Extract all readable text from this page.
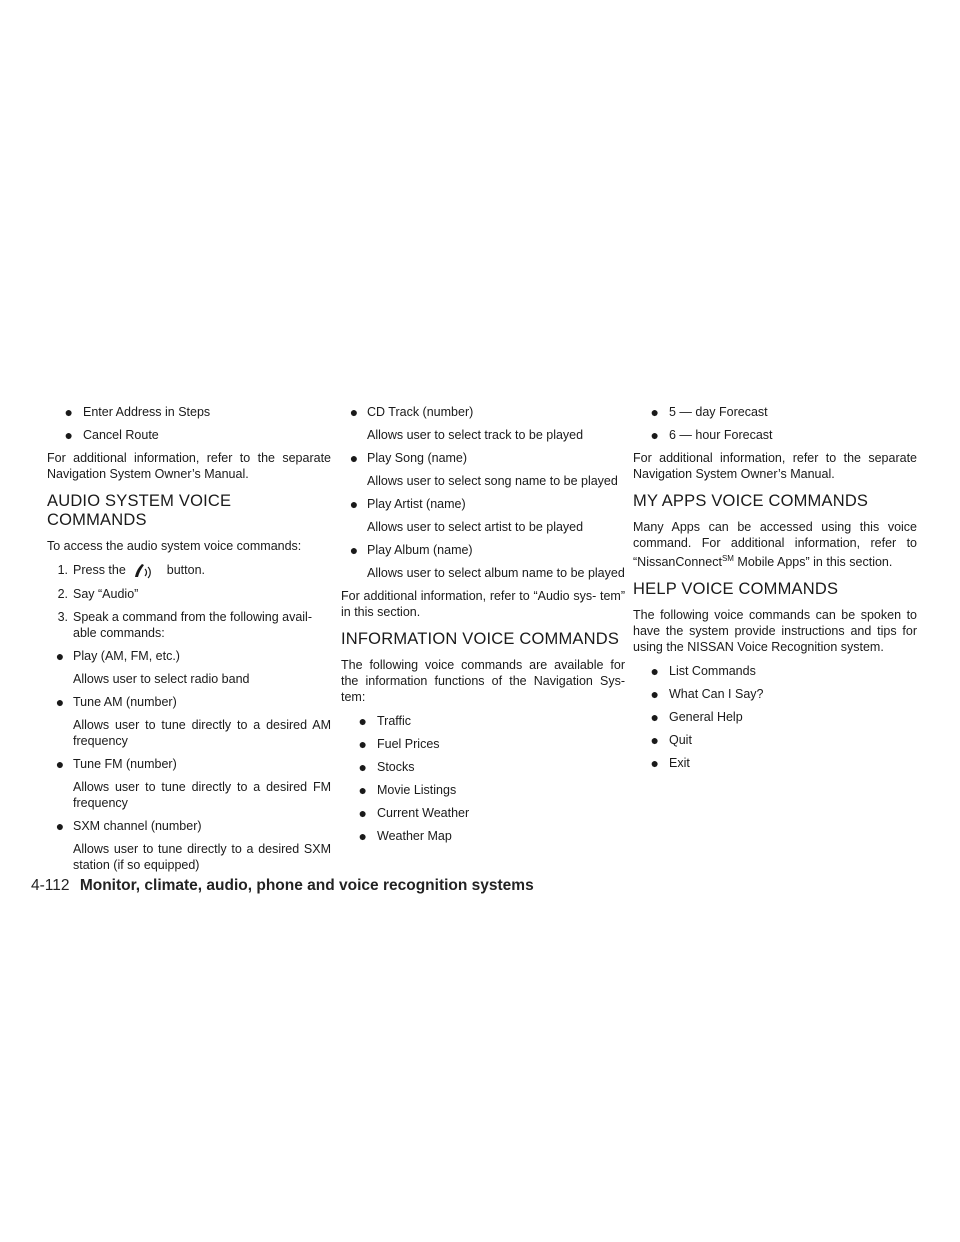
● Enter Address in Steps
● Cancel Route

For additional information, refer to the separate Navigation System Owner’s Manual.

AUDIO SYSTEM VOICE
COMMANDS

To access the audio system voice commands:

1. Press the	button.
2. Say “Audio”
3. Speak a command from the following avail- able commands:
● Play (AM, FM, etc.)

Allows user to select radio band

● Tune AM (number)

Allows user to tune directly to a desired AM frequency

● Tune FM (number)

Allows user to tune directly to a desired FM frequency

● SXM channel (number)

Allows user to tune directly to a desired SXM station (if so equipped)

● CD Track (number)

Allows user to select track to be played

● Play Song (name)

Allows user to select song name to be played

● Play Artist (name)

Allows user to select artist to be played

● Play Album (name)

Allows user to select album name to be played

For additional information, refer to “Audio sys- tem” in this section.

INFORMATION VOICE COMMANDS

The following voice commands are available for the information functions of the Navigation Sys- tem:

● Traffic
● Fuel Prices
● Stocks
● Movie Listings
● Current Weather
● Weather Map
● 5 — day Forecast
● 6 — hour Forecast

For additional information, refer to the separate Navigation System Owner’s Manual.

MY APPS VOICE COMMANDS

Many Apps can be accessed using this voice command. For additional information, refer to “NissanConnect℠ Mobile Apps” in this section.

HELP VOICE COMMANDS

The following voice commands can be spoken to have the system provide instructions and tips for using the NISSAN Voice Recognition system.

● List Commands
● What Can I Say?
● General Help
● Quit
● Exit
4-112 Monitor, climate, audio, phone and voice recognition systems
